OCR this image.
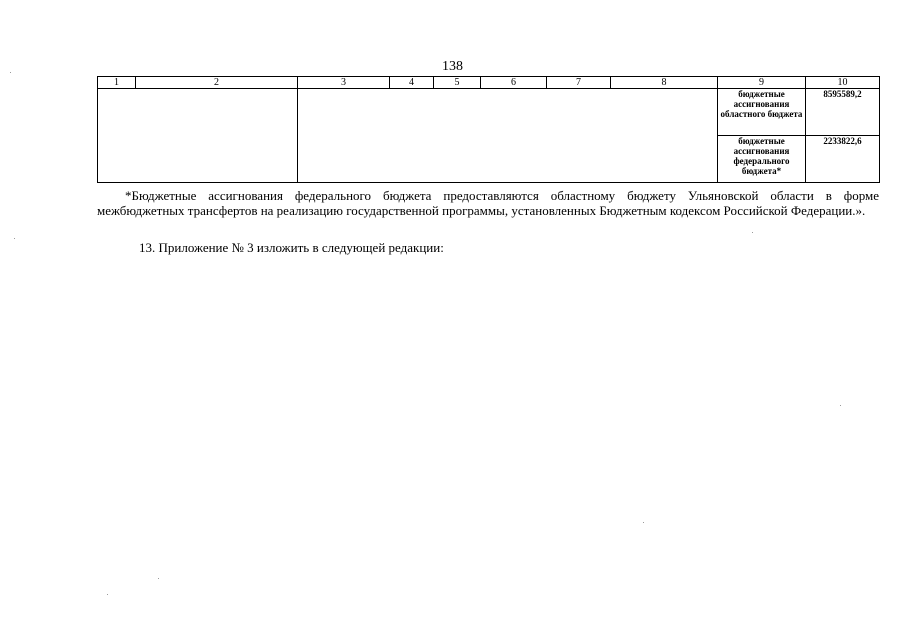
138
1	2	3	4	5	6	7	8	9	10
								бюджетные ассигнования областного бюджета	8595589,2
								бюджетные ассигнования федерального бюджета*	2233822,6
*Бюджетные ассигнования федерального бюджета предоставляются областному бюджету Ульяновской области в форме межбюджетных трансфертов на реализацию государственной программы, установленных Бюджетным кодексом Российской Федерации.».
13. Приложение № 3 изложить в следующей редакции:
